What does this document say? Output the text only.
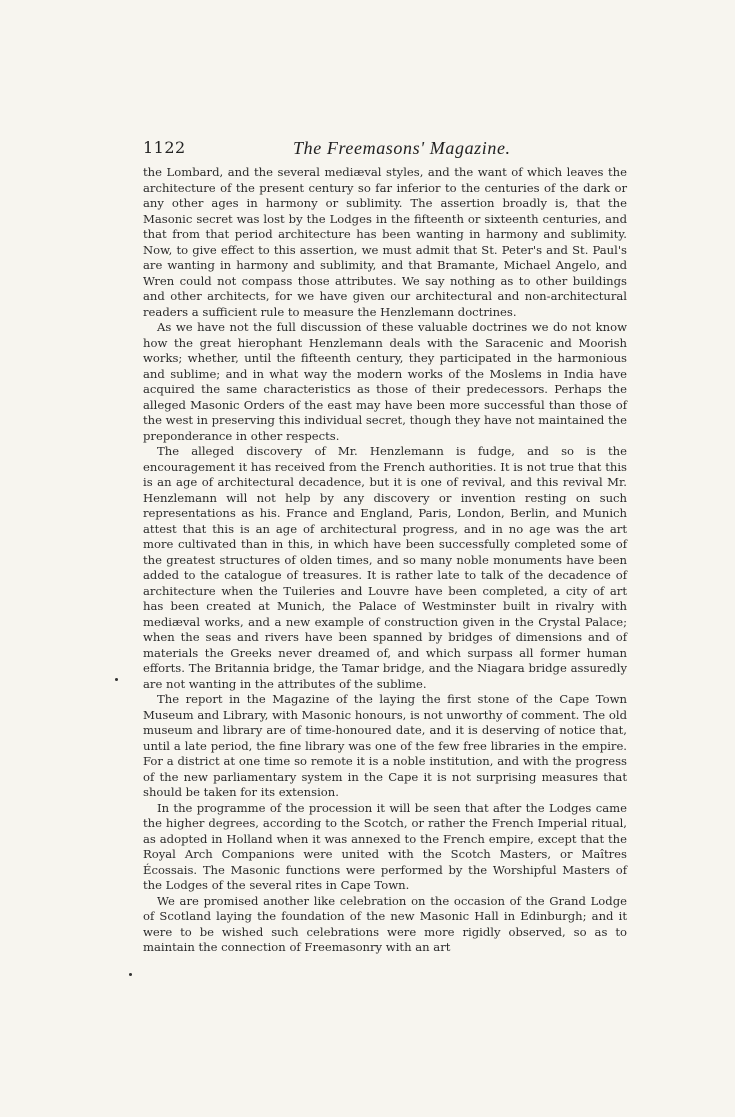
1122	The Freemasons' Magazine.

the Lombard, and the several mediæval styles, and the want of which leaves the architecture of the present century so far inferior to the centuries of the dark or any other ages in harmony or sublimity. The assertion broadly is, that the Masonic secret was lost by the Lodges in the fifteenth or sixteenth centuries, and that from that period architecture has been wanting in harmony and sublimity. Now, to give effect to this assertion, we must admit that St. Peter's and St. Paul's are wanting in harmony and sublimity, and that Bramante, Michael Angelo, and Wren could not compass those attributes. We say nothing as to other buildings and other architects, for we have given our architectural and non-architectural readers a sufficient rule to measure the Henzlemann doctrines.

As we have not the full discussion of these valuable doctrines we do not know how the great hierophant Henzlemann deals with the Saracenic and Moorish works; whether, until the fifteenth century, they participated in the harmonious and sublime; and in what way the modern works of the Moslems in India have acquired the same characteristics as those of their predecessors. Perhaps the alleged Masonic Orders of the east may have been more successful than those of the west in preserving this individual secret, though they have not maintained the preponderance in other respects.

The alleged discovery of Mr. Henzlemann is fudge, and so is the encouragement it has received from the French authorities. It is not true that this is an age of architectural decadence, but it is one of revival, and this revival Mr. Henzlemann will not help by any discovery or invention resting on such representations as his. France and England, Paris, London, Berlin, and Munich attest that this is an age of architectural progress, and in no age was the art more cultivated than in this, in which have been successfully completed some of the greatest structures of olden times, and so many noble monuments have been added to the catalogue of treasures. It is rather late to talk of the decadence of architecture when the Tuileries and Louvre have been completed, a city of art has been created at Munich, the Palace of Westminster built in rivalry with mediæval works, and a new example of construction given in the Crystal Palace; when the seas and rivers have been spanned by bridges of dimensions and of materials the Greeks never dreamed of, and which surpass all former human efforts. The Britannia bridge, the Tamar bridge, and the Niagara bridge assuredly are not wanting in the attributes of the sublime.

The report in the Magazine of the laying the first stone of the Cape Town Museum and Library, with Masonic honours, is not unworthy of comment. The old museum and library are of time-honoured date, and it is deserving of notice that, until a late period, the fine library was one of the few free libraries in the empire. For a district at one time so remote it is a noble institution, and with the progress of the new parliamentary system in the Cape it is not surprising measures that should be taken for its extension.

In the programme of the procession it will be seen that after the Lodges came the higher degrees, according to the Scotch, or rather the French Imperial ritual, as adopted in Holland when it was annexed to the French empire, except that the Royal Arch Companions were united with the Scotch Masters, or Maîtres Écossais. The Masonic functions were performed by the Worshipful Masters of the Lodges of the several rites in Cape Town.

We are promised another like celebration on the occasion of the Grand Lodge of Scotland laying the foundation of the new Masonic Hall in Edinburgh; and it were to be wished such celebrations were more rigidly observed, so as to maintain the connection of Freemasonry with an art
